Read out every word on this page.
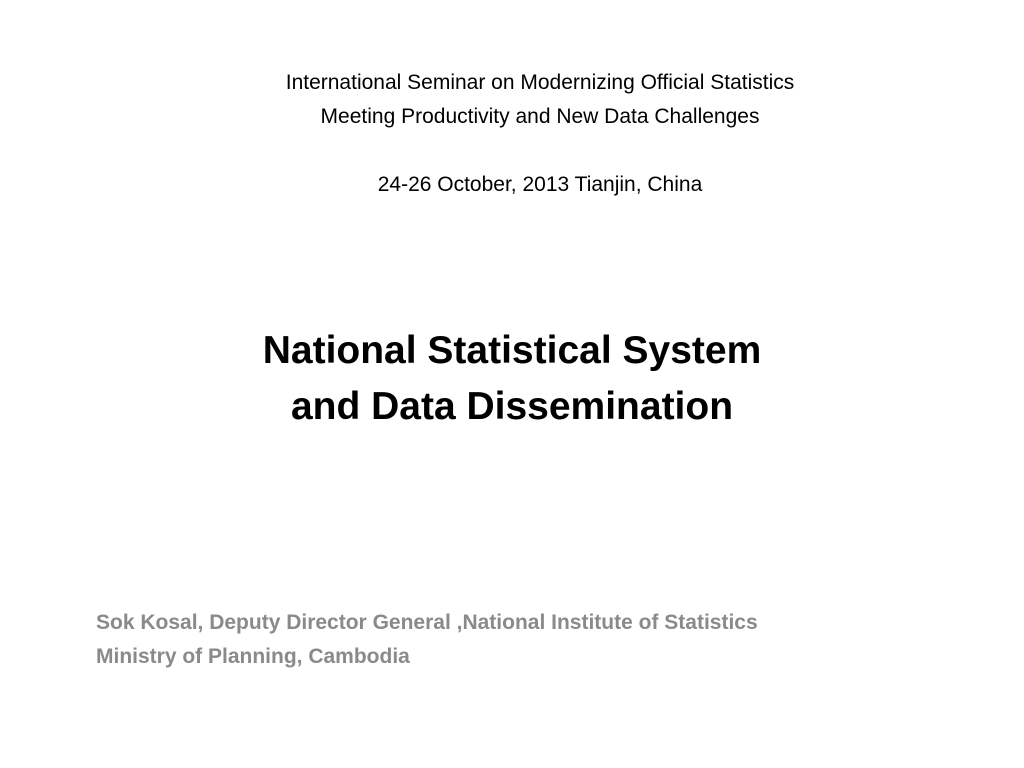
International Seminar on Modernizing Official Statistics
Meeting Productivity and New Data Challenges
24-26 October, 2013 Tianjin, China
National Statistical System
and Data Dissemination
Sok Kosal, Deputy Director General ,National Institute of Statistics
Ministry of Planning, Cambodia
